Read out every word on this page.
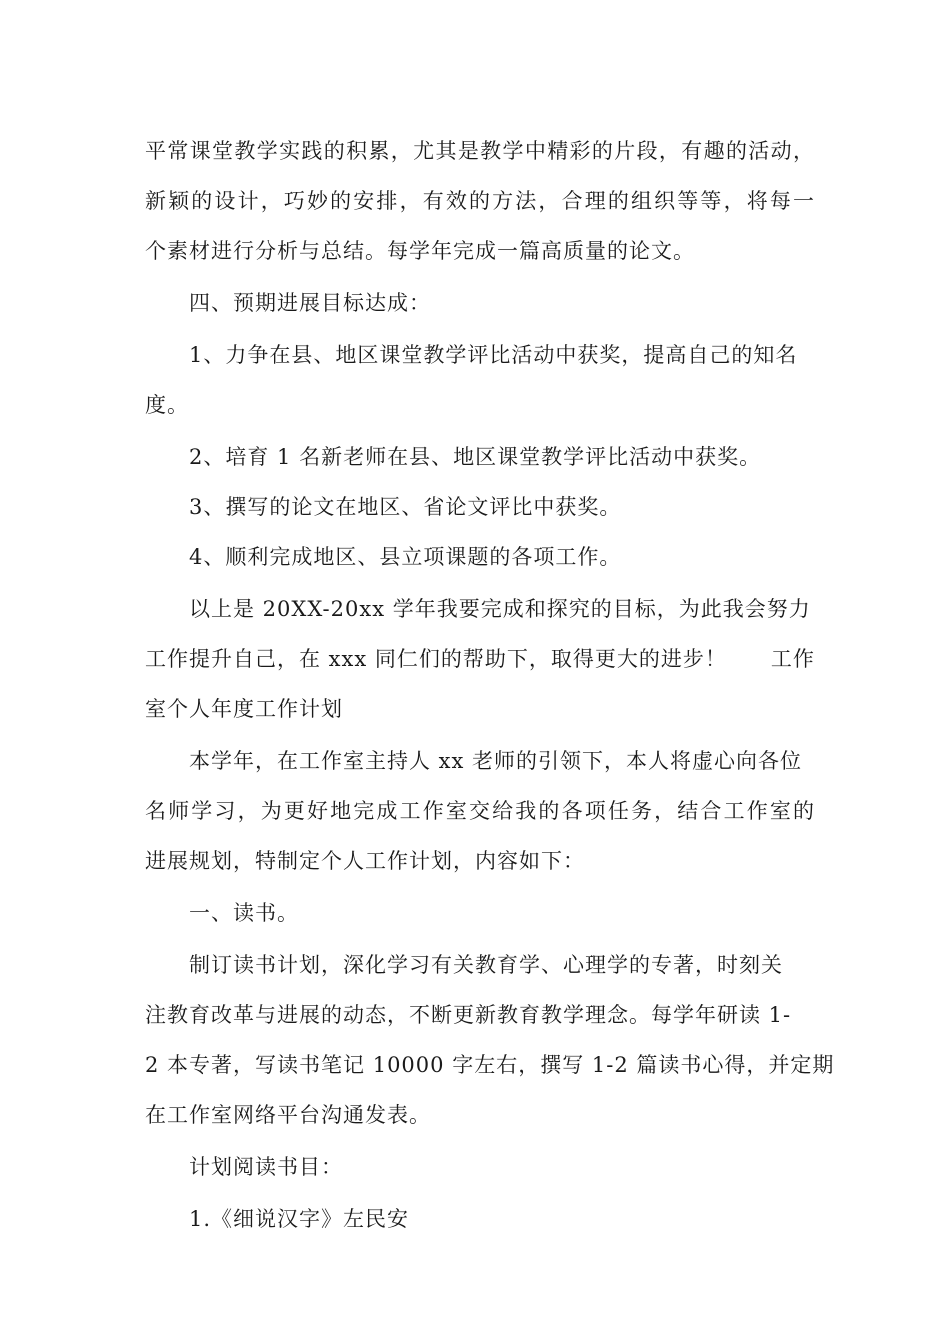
平常课堂教学实践的积累，尤其是教学中精彩的片段，有趣的活动，
新颖的设计，巧妙的安排，有效的方法，合理的组织等等，将每一
个素材进行分析与总结。每学年完成一篇高质量的论文。
四、预期进展目标达成：
1、力争在县、地区课堂教学评比活动中获奖，提高自己的知名
度。
2、培育 1 名新老师在县、地区课堂教学评比活动中获奖。
3、撰写的论文在地区、省论文评比中获奖。
4、顺利完成地区、县立项课题的各项工作。
以上是 20XX-20xx 学年我要完成和探究的目标，为此我会努力
工作提升自己，在 xxx 同仁们的帮助下，取得更大的进步！　　工作
室个人年度工作计划
本学年，在工作室主持人 xx 老师的引领下，本人将虚心向各位
名师学习，为更好地完成工作室交给我的各项任务，结合工作室的
进展规划，特制定个人工作计划，内容如下：
一、读书。
制订读书计划，深化学习有关教育学、心理学的专著，时刻关
注教育改革与进展的动态，不断更新教育教学理念。每学年研读 1-
2 本专著，写读书笔记 10000 字左右，撰写 1-2 篇读书心得，并定期
在工作室网络平台沟通发表。
计划阅读书目：
1.《细说汉字》左民安
